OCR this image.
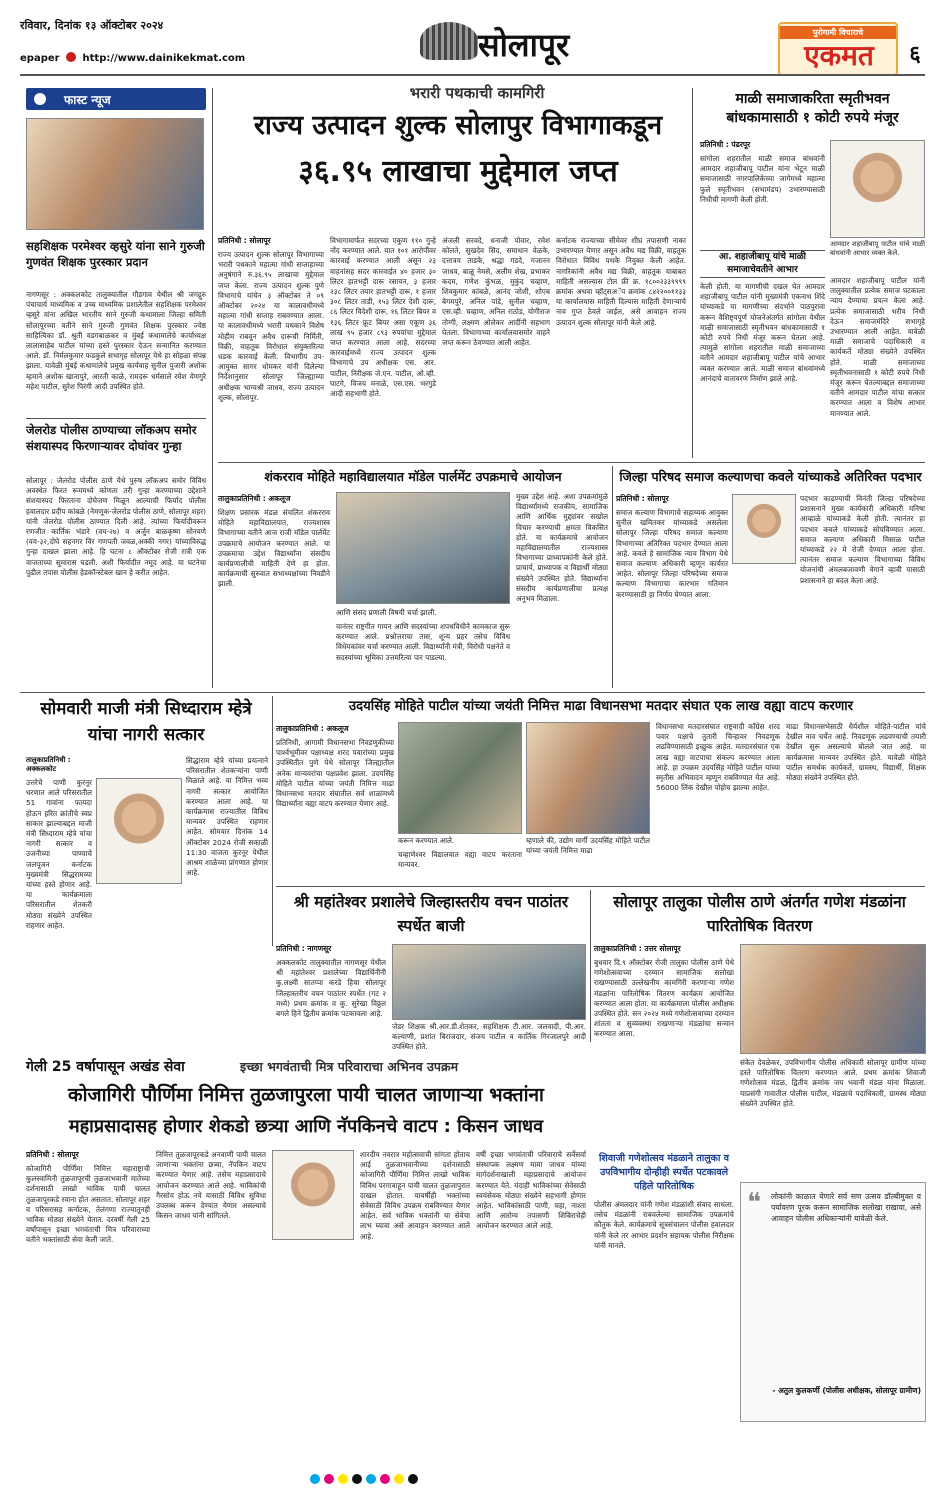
रविवार, दिनांक १३ ऑक्टोबर २०२४
epaper http://www.dainikekmat.com	सोलापूर	पुरोगामी विचाराचे
एकमत	६
फास्ट न्यूज
सहशिक्षक परमेश्वर व्हसुरे यांना साने गुरुजी गुणवंत शिक्षक पुरस्कार प्रदान
नागणसूर : अक्कलकोट तालुक्यातील गौडगाव येथील श्री जगद्गुरु पंचाचार्य माध्यमिक व उच्च माध्यमिक प्रशालेतील सहशिक्षक परमेश्वर व्हसुरे यांना अखिल भारतीय साने गुरुजी कथामाला जिल्हा समिती सोलापूरच्या वतीने साने गुरुजी गुणवंत शिक्षक पुरस्कार ज्येष्ठ साहित्यिका डॉ. श्रुती वडगबाळकर व मुंबई कथामालेचे कार्याध्यक्ष लालासाहेब पाटील यांच्या हस्ते पुरस्कार देऊन सन्मानित करण्यात आले. डॉ. निर्मलकुमार फडकुले सभागृह सोलापूर येथे हा सोहळा संपन्न झाला. यावेळी मुंबई कथामालेचे प्रमुख कार्यवाह सुनील पुजारी अशोक म्हमाने अशोक खानापुरे, आरती काळे, रामदरू धर्मसाले रमेश येणगुरे महेश पाटील, सुरेश पिरंगी आदी उपस्थित होते.
जेलरोड पोलीस ठाण्याच्या लॉकअप समोर संशयास्पद फिरणाऱ्यावर दोघांवर गुन्हा
सोलापूर : जेलरोड पोलीस ठाणे येथे पुरुष लॉकअप समोर विविध अवस्थेत फिरत रूममध्ये कोणता तरी गुन्हा करण्याच्या उद्देशाने संशयास्पद फिरताना दोघेजण मिळून आल्याची फिर्याद पोलीस हवालदार प्रदीप कांबळे (नेमणूक-जेलरोड पोलीस ठाणे, सोलापूर शहर) यांनी जेलरोड पोलीस ठाण्यात दिली आहे. त्यांच्या फिर्यादीवरून रणजीत कार्तिक भंडारे (वय-२७) व अर्जुन बाळकृष्ण सोनवणे (वय-३२,दोघे सहनगर विर गणपती जवळ,अक्की नगर) यांच्याविरुद्ध गुन्हा दाखल झाला आहे. हि घटना ८ ऑक्टोंबर रोजी रात्री एक वाजताच्या सुमारास घडली. अशी फिर्यादीत नमूद आहे. या घटनेचा पुढील तपास पोलीस हेडकॉन्स्टेबल खान हे करीत आहेत.
भरारी पथकाची कामगिरी
राज्य उत्पादन शुल्क सोलापुर विभागाकडून
३६.९५ लाखाचा मुद्देमाल जप्त
प्रतिनिधी : सोलापूर
राज्य उत्पादन शुल्क सोलापूर विभागाच्या भरारी पथकाने महात्मा गांधी सप्ताहाच्या अनुषंगाने रु.३६.९५ लाखाचा मुद्देमाल जप्त केला. राज्य उत्पादन शुल्क पुणे विभागाचे यांचेन ३ ऑक्टोबर ते ०९ ऑक्टोबर २०२४ या कालावधीमध्ये महात्मा गांधी सप्ताह राबवण्यात आला. या कालावधीमध्ये भरारी पथकाने विशेष मोहीम राबवून अवैध दारूची निर्मिती, विक्री, वाहतूक विरोधात संयुक्तरित्या धडक कारवाई केली. विभागीय उप-आयुक्त सागर धोमकर यांनी दिलेल्या निर्देशानुसार सोलापूर जिल्ह्याच्या अधीक्षक भाग्यश्री जाधव, राज्य उत्पादन शुल्क, सोलापूर.
विभागामार्फत सदरच्या एकूण ११० गुन्हे नोंद करण्यात आले. यात १०१ आरोपींवर कारवाई करण्यात आली असून २३ वाहनांसह सदर कारवाईत ४० हजार ३० लिटर हातभट्टी दारू रसायन, ३ हजार २३८ लिटर तयार हातभट्टी दारू, १ हजार ३०८ लिटर ताडी, १५३ लिटर देशी दारू, ८६ लिटर विदेशी दारू, १६ लिटर बियर व १३६ लिटर फ्रूट बियर असा एकूण ३६ लाख ९५ हजार ८९३ रुपयांचा मुद्देमाल जप्त करण्यात आला आहे. सदरच्या कारवाईमध्ये राज्य उत्पादन शुल्क विभागाचे उप अधीक्षक एस. आर. पाटील, निरीक्षक जे.एन. पाटील, ओ.व्ही. घाटगे, विजय मनाळे, एस.एस. भरगुडे आदी सहभागी होते.
अंजली सरवदे, धनाजी पोवार, रमेश कोलते, सुखदेव सिद, समाधान वेळके, दत्तात्रय ताडके, श्रद्धा गडदे, गजानन जाधव, बाळू नेमसे, अलीम शेख, प्रभाकर कदम, गणेश कुंभळ, मुकुंद चव्हाण, शिवकुमार कांबळे, आनंद जोशी, शोएब बेगमपुरे, अनिल पांडे, सुनील चव्हाण, एस.व्ही. चव्हाण, अनिल राठोड, योगीराज तोग्गी, लक्ष्मण ओलेकर आदींनी सहभाग घेतला. विभागाच्या कार्यालयासमोर वाहने जप्त करून ठेवण्यात आली आहेत.
कर्नाटक राज्याच्या सीमेवर शीघ्र तपासणी नाका उभारण्यात येणार असून अवैध मद्य विक्री, वाहतूक विरोधात विविध पथके नियुक्त केली आहेत. नागरिकांनी अवैध मद्य विक्री, वाहतूक याबाबत माहिती असल्यास टोल फ्री क्र. १८००२३३९९९९ क्रमांक अथवा व्हॉट्सअॅप क्रमांक ८४२२००११३३ या कार्यालयास माहिती दिल्यास माहिती देणाऱ्याचे नाव गुप्त ठेवले जाईल, असे आवाहन राज्य उत्पादन शुल्क सोलापूर यांनी केले आहे.
माळी समाजाकरिता स्मृतीभवन बांधकामासाठी १ कोटी रुपये मंजूर
प्रतिनिधी : पंढरपूर
सांगोला शहरातील माळी समाज बांधवांनी आमदार शहाजीबापू पाटील यांना भेटून माळी समाजासाठी नगरपालिकेच्या जागेमध्ये महात्मा फुले स्मृतीभवन (सभामंडप) उभारण्यासाठी निधीची मागणी केली होती.
आमदार शहाजीबापू पाटील यांचे माळी बांधवांनी आभार व्यक्त केले.
आ. शहाजीबापू यांचे माळी समाजाचेवतीने आभार
केली होती. या मागणीची दखल घेत आमदार शहाजीबापू पाटील यांनी मुख्यमंत्री एकनाथ शिंदे यांच्याकडे या मागणीच्या संदर्भाने पाठपुरावा करून वैशिष्ट्यपूर्ण योजनेअंतर्गत सांगोला येथील माळी समाजासाठी स्मृतीभवन बांधकामासाठी १ कोटी रुपये निधी मंजूर करून घेतला आहे. त्यामुळे सांगोला शहरातील माळी समाजाच्या वतीने आमदार शहाजीबापू पाटील यांचे आभार व्यक्त करण्यात आले. माळी समाज बांधवांमध्ये आनंदाचे वातावरण निर्माण झाले आहे.
आमदार शहाजीबापू पाटील यांनी तालुक्यातील प्रत्येक समाज घटकाला न्याय देण्याचा प्रयत्न केला आहे. प्रत्येक समाजासाठी भरीव निधी देऊन समाजमंदिरे सभागृहे उभारण्यात आली आहेत. यावेळी माळी समाजाचे पदाधिकारी व कार्यकर्ते मोठ्या संख्येने उपस्थित होते. माळी समाजाच्या स्मृतीभवनासाठी १ कोटी रुपये निधी मंजूर करून घेतल्याबद्दल समाजाच्या वतीने आमदार पाटील यांचा सत्कार करण्यात आला व विशेष आभार मानण्यात आले.
शंकरराव मोहिते महाविद्यालयात मॉडेल पार्लमेंट उपक्रमाचे आयोजन
तालुकाप्रतिनिधी : अकलूज
शिक्षण प्रसारक मंडळ संचलित शंकरराव मोहिते महाविद्यालयात, राज्यशास्त्र विभागाच्या वतीने आज राजी मॉडेल पार्लमेंट उपक्रमाचे आयोजन करण्यात आले. या उपक्रमाचा उद्देश विद्यार्थ्यांना संसदीय कार्यप्रणालीची माहिती देणे हा होता. कार्यक्रमाची सुरुवात सभाध्यक्षांच्या निवडीने झाली.
आणि संसद प्रणाली विषयी चर्चा झाली.
यानंतर राष्ट्रगीत गायन आणि सदस्यांच्या शपथविधीने कामकाज सुरू करण्यात आले. प्रश्नोत्तराचा तास, शून्य प्रहर तसेच विविध विधेयकांवर चर्चा करण्यात आली. विद्यार्थ्यांनी मंत्री, विरोधी पक्षनेते व सदस्यांच्या भूमिका उत्तमरित्या पार पाडल्या.
मुख्य उद्देश आहे. अशा उपक्रमांमुळे विद्यार्थ्यांमध्ये राजकीय, सामाजिक आणि आर्थिक मुद्द्यांवर सखोल विचार करण्याची क्षमता विकसित होते. या कार्यक्रमाचे आयोजन महाविद्यालयातील राज्यशास्त्र विभागाच्या प्राध्यापकांनी केले होते. प्राचार्य, प्राध्यापक व विद्यार्थी मोठ्या संख्येने उपस्थित होते. विद्यार्थ्यांना संसदीय कार्यप्रणालीचा प्रत्यक्ष अनुभव मिळाला.
जिल्हा परिषद समाज कल्याणचा कवले यांच्याकडे अतिरिक्त पदभार
प्रतिनिधी : सोलापूर
समाज कल्याण विभागाचे सहाय्यक आयुक्त सुनील खमितकर यांच्याकडे असलेला सोलापूर जिल्हा परिषद समाज कल्याण विभागाच्या अतिरिक्त पदभार देण्यात आला आहे. कवले हे सामाजिक न्याय विभाग येथे समाज कल्याण अधिकारी म्हणून कार्यरत आहेत. सोलापूर जिल्हा परिषदेच्या समाज कल्याण विभागाचा कारभार गतिमान करण्यासाठी हा निर्णय घेण्यात आला.
पदभार काढण्याची विनंती जिल्हा परिषदेच्या प्रशासनाने मुख्य कार्यकारी अधिकारी मनिषा आव्हाळे यांच्याकडे केली होती. त्यानंतर हा पदभार कवले यांच्याकडे सोपविण्यात आला. समाज कल्याण अधिकारी मिसाळ पाटील यांच्याकडे २२ मे रोजी देण्यात आला होता. त्यानंतर समाज कल्याण विभागाच्या विविध योजनांची अंमलबजावणी वेगाने व्हावी यासाठी प्रशासनाने हा बदल केला आहे.
सोमवारी माजी मंत्री सिध्दाराम म्हेत्रे यांचा नागरी सत्कार
तालुकाप्रतिनिधी : अक्कलकोट
उत्तरेचे पाणी कुरनूर धरणात आले परिसरातील 51 गावांना फायदा होऊन हरित क्रांतीचे स्वप्न साकार झाल्याबद्दल माजी मंत्री सिध्दाराम म्हेत्रे यांचा नागरी सत्कार व उजनीच्या पाण्याचे जलपूजन कर्नाटक मुख्यमंत्री सिद्धरामय्या यांच्या हस्ते होणार आहे. या कार्यक्रमाला परिसरातील शेतकरी मोठ्या संख्येने उपस्थित राहणार आहेत.
सिद्धाराम म्हेत्रे यांच्या प्रयत्नाने परिसरातील शेतकऱ्यांना पाणी मिळाले आहे. या निमित्त भव्य नागरी सत्कार आयोजित करण्यात आला आहे. या कार्यक्रमास राज्यातील विविध मान्यवर उपस्थित राहणार आहेत. सोमवार दिनांक 14 ऑक्टोबर 2024 रोजी सकाळी 11:30 वाजता कुरनूर येथील आश्रम शाळेच्या प्रांगणात होणार आहे.
उदयसिंह मोहिते पाटील यांच्या जयंती निमित्त माढा विधानसभा मतदार संघात एक लाख वह्या वाटप करणार
तालुकाप्रतिनिधी : अकलूज
प्रतिनिधी, आगामी विधानसभा निवडणुकीच्या पार्श्वभूमीवर पक्षाध्यक्ष शरद पवारांच्या प्रमुख उपस्थितीत पुणे येथे सोलापूर जिल्ह्यातील अनेक मान्यवरांचा पक्षप्रवेश झाला. उदयसिंह मोहिते पाटील यांच्या जयंती निमित्त माढा विधानसभा मतदार संघातील सर्व शाळांमध्ये विद्यार्थ्यांना वह्या वाटप करण्यात येणार आहे.
करून करण्यात आले.
चव्हाणेश्वर विद्यालयात वह्या वाटप करताना मान्यवर.
म्हणाले की, उद्योग मार्गी उदयसिंह मोहिते पाटील यांच्या जयंती निमित्त माढा
विधानसभा मतदारसंघात राष्ट्रवादी काँग्रेस शरद पवार पक्षाचे तुतारी चिन्हावर निवडणूक लढविण्यासाठी इच्छुक आहेत. मतदारसंघात एक लाख वह्या वाटपाचा संकल्प करण्यात आला आहे. हा उपक्रम उदयसिंह मोहिते पाटील यांच्या स्मृतीस अभिवादन म्हणून राबविण्यात येत आहे. 56000 लिंक देखील पोहोच झाल्या आहेत.
माढा विधानसभेसाठी धैर्यशील मोहिते-पाटील यांचे देखील नाव चर्चेत आहे. निवडणूक लढवण्याची तयारी देखील सुरू असल्याचे बोलले जात आहे. या कार्यक्रमास मान्यवर उपस्थित होते. यावेळी मोहिते पाटील समर्थक कार्यकर्ते, ग्रामस्थ, विद्यार्थी, शिक्षक मोठ्या संख्येने उपस्थित होते.
श्री महांतेश्वर प्रशालेचे जिल्हास्तरीय वचन पाठांतर स्पर्धेत बाजी
प्रतिनिधी : नागणसूर
अक्कलकोट तालुक्यातील नागणसूर येथील श्री महांतेश्वर प्रशालेच्या विद्यार्थिनींनी कु.लक्ष्मी सातप्पा करडे हिचा सोलापूर जिल्हास्तरीय वचन पाठांतर स्पर्धेत (गट २ मध्ये) प्रथम क्रमांक व कु. सुरेखा विठ्ठल बगले हिने द्वितीय क्रमांक पटकावला आहे.
जेडर शिक्षक श्री.आर.डी.शेतकर, सहशिक्षक टी.आर. जलवादी, पी.आर. कल्याणी, प्रशांत बिराजदार, संजय पाटील व कार्तिक गिरजालपुरे आदी उपस्थित होते.
सोलापूर तालुका पोलीस ठाणे अंतर्गत गणेश मंडळांना पारितोषिक वितरण
तालुकाप्रतिनिधी : उत्तर सोलापूर
बुधवार दि.९ ऑक्टोबर रोजी तालुका पोलीस ठाणे येथे गणेशोत्सवाच्या दरम्यान सामाजिक सलोखा राखण्यासाठी उल्लेखनीय कामगिरी करणाऱ्या गणेश मंडळांना पारितोषिक वितरण कार्यक्रम आयोजित करण्यात आला होता. या कार्यक्रमाला पोलीस अधीक्षक उपस्थित होते. सन २०२४ मध्ये गणेशोत्सवाच्या दरम्यान शांतता व सुव्यवस्था राखणाऱ्या मंडळांचा सन्मान करण्यात आला.
संकेत देवळेकर, उपविभागीय पोलीस अधिकारी सोलापूर ग्रामीण यांच्या हस्ते पारितोषिक वितरण करण्यात आले. प्रथम क्रमांक शिवाजी गणेशोत्सव मंडळ, द्वितीय क्रमांक जय भवानी मंडळ यांना मिळाला. याप्रसंगी गावातील पोलीस पाटील, मंडळाचे पदाधिकारी, ग्रामस्थ मोठ्या संख्येने उपस्थित होते.
गेली 25 वर्षापासून अखंड सेवा	इच्छा भगवंताची मित्र परिवाराचा अभिनव उपक्रम
कोजागिरी पौर्णिमा निमित्त तुळजापुरला पायी चालत जाणाऱ्या भक्तांना
महाप्रसादासह होणार शेकडो छत्र्या आणि नॅपकिनचे वाटप : किसन जाधव
प्रतिनिधी : सोलापूर
कोजागिरी पौर्णिमा निमित्त महाराष्ट्राची कुलस्वामिनी तुळजापूरची तुळजाभवानी मातेच्या दर्शनासाठी लाखो भाविक पायी चालत तुळजापूरकडे रवाना होत असतात. सोलापूर शहर व परिसरासह कर्नाटक, तेलंगणा राज्यातूनही भाविक मोठ्या संख्येने येतात. दरवर्षी गेली 25 वर्षांपासून इच्छा भगवंताची मित्र परिवाराच्या वतीने भक्तांसाठी सेवा केली जाते.
निमित्त तुळजापूरकडे अनवाणी पायी चालत जाणाऱ्या भक्तांना छत्र्या, नॅपकिन वाटप करण्यात येणार आहे. तसेच महाप्रसादाचे आयोजन करण्यात आले आहे. भाविकांची गैरसोय होऊ नये यासाठी विविध सुविधा उपलब्ध करून देण्यात येणार असल्याचे किसन जाधव यांनी सांगितले.
शारदीय नवरात्र महोत्सवाची सांगता होताच आई तुळजाभवानीच्या दर्शनासाठी कोजागिरी पौर्णिमा निमित्त लाखो भाविक विविध परगावाहून पायी चालत तुळजापुरात दाखल होतात. यावर्षीही भक्तांच्या सेवेसाठी विविध उपक्रम राबविण्यात येणार आहेत. सर्व भाविक भक्तांनी या सेवेचा लाभ घ्यावा असे आवाहन करण्यात आले आहे.
वर्षी इच्छा भगवंताची परिवाराचे सर्वेसर्वा संस्थापक लक्ष्मण मामा जाधव यांच्या मार्गदर्शनाखाली महाप्रसादाचे आयोजन करण्यात येते. यंदाही भाविकांच्या सेवेसाठी स्वयंसेवक मोठ्या संख्येने सहभागी होणार आहेत. भाविकांसाठी पाणी, चहा, नाश्ता आणि आरोग्य तपासणी शिबिराचेही आयोजन करण्यात आले आहे.
शिवाजी गणेशोत्सव मंडळाने तालुका व उपविभागीय दोन्हीही स्पर्धेत पटकावले पहिले पारितोषिक
पोलीस अंमलदार यांनी गणेश मंडळांशी संवाद साधला. तसेच मंडळांनी राबवलेल्या सामाजिक उपक्रमांचे कौतुक केले. कार्यक्रमाचे सूत्रसंचालन पोलीस हवालदार यांनी केले तर आभार प्रदर्शन सहायक पोलीस निरीक्षक यांनी मानले.
❝ लोकांनी काळात येणारे सर्व सण उत्सव डॉल्बीमुक्त व पर्यावरण पूरक करून सामाजिक सलोखा राखावा, असे आवाहन पोलीस अधिकाऱ्यांनी यावेळी केले.
- अतुल कुलकर्णी (पोलीस अधीक्षक, सोलापूर ग्रामीण)
